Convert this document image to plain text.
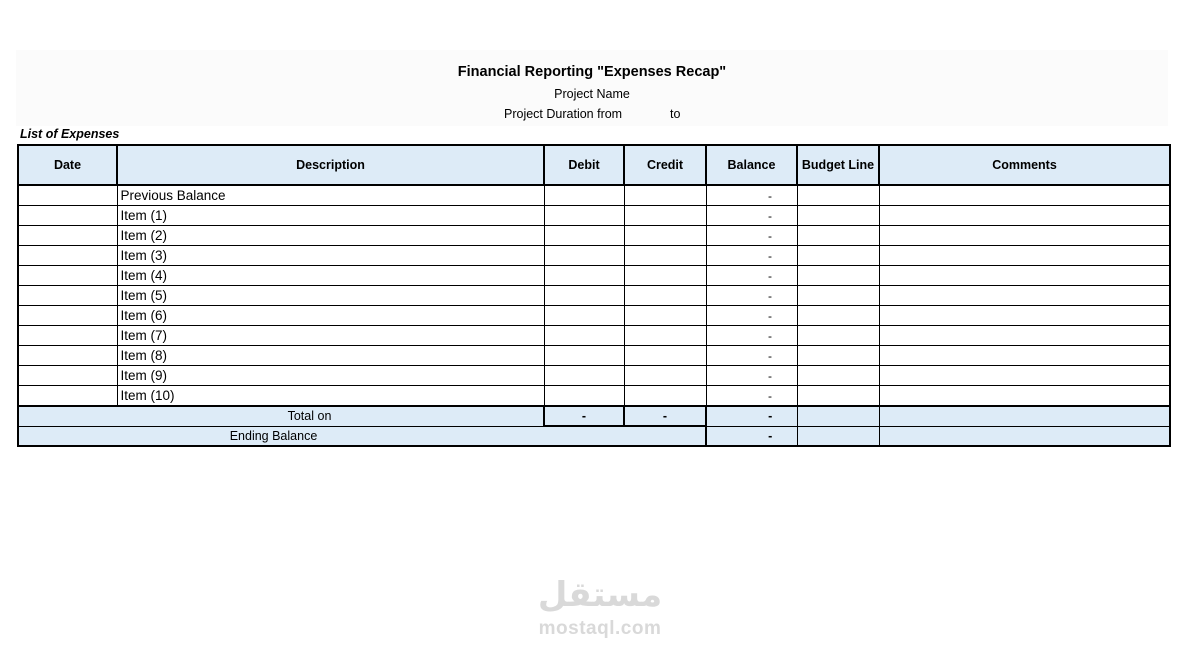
Financial Reporting "Expenses Recap"
Project Name
Project Duration from	to
List of Expenses
Date	Description	Debit	Credit	Balance	Budget Line	Comments
	Previous Balance			-		
	Item (1)			-		
	Item (2)			-		
	Item (3)			-		
	Item (4)			-		
	Item (5)			-		
	Item (6)			-		
	Item (7)			-		
	Item (8)			-		
	Item (9)			-		
	Item (10)			-		
Total on		-	-	-		
Ending Balance				-		
مستقل
mostaql.com
